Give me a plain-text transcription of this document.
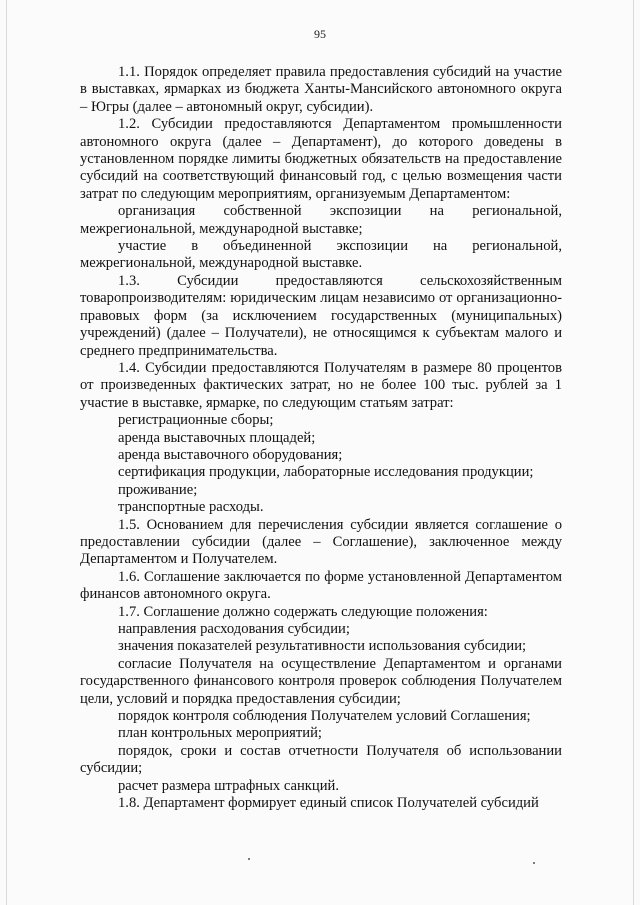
95

1.1. Порядок определяет правила предоставления субсидий на участие в выставках, ярмарках из бюджета Ханты-Мансийского автономного округа – Югры (далее – автономный округ, субсидии).

1.2. Субсидии предоставляются Департаментом промышленности автономного округа (далее – Департамент), до которого доведены в установленном порядке лимиты бюджетных обязательств на предоставление субсидий на соответствующий финансовый год, с целью возмещения части затрат по следующим мероприятиям, организуемым Департаментом:

организация собственной экспозиции на региональной, межрегиональной, международной выставке;

участие в объединенной экспозиции на региональной, межрегиональной, международной выставке.

1.3. Субсидии предоставляются сельскохозяйственным товаропроизводителям: юридическим лицам независимо от организационно-правовых форм (за исключением государственных (муниципальных) учреждений) (далее – Получатели), не относящимся к субъектам малого и среднего предпринимательства.

1.4. Субсидии предоставляются Получателям в размере 80 процентов от произведенных фактических затрат, но не более 100 тыс. рублей за 1 участие в выставке, ярмарке, по следующим статьям затрат:

регистрационные сборы;

аренда выставочных площадей;

аренда выставочного оборудования;

сертификация продукции, лабораторные исследования продукции;

проживание;

транспортные расходы.

1.5. Основанием для перечисления субсидии является соглашение о предоставлении субсидии (далее – Соглашение), заключенное между Департаментом и Получателем.

1.6. Соглашение заключается по форме установленной Департаментом финансов автономного округа.

1.7. Соглашение должно содержать следующие положения:

направления расходования субсидии;

значения показателей результативности использования субсидии;

согласие Получателя на осуществление Департаментом и органами государственного финансового контроля проверок соблюдения Получателем цели, условий и порядка предоставления субсидии;

порядок контроля соблюдения Получателем условий Соглашения;

план контрольных мероприятий;

порядок, сроки и состав отчетности Получателя об использовании субсидии;

расчет размера штрафных санкций.

1.8. Департамент формирует единый список Получателей субсидий
